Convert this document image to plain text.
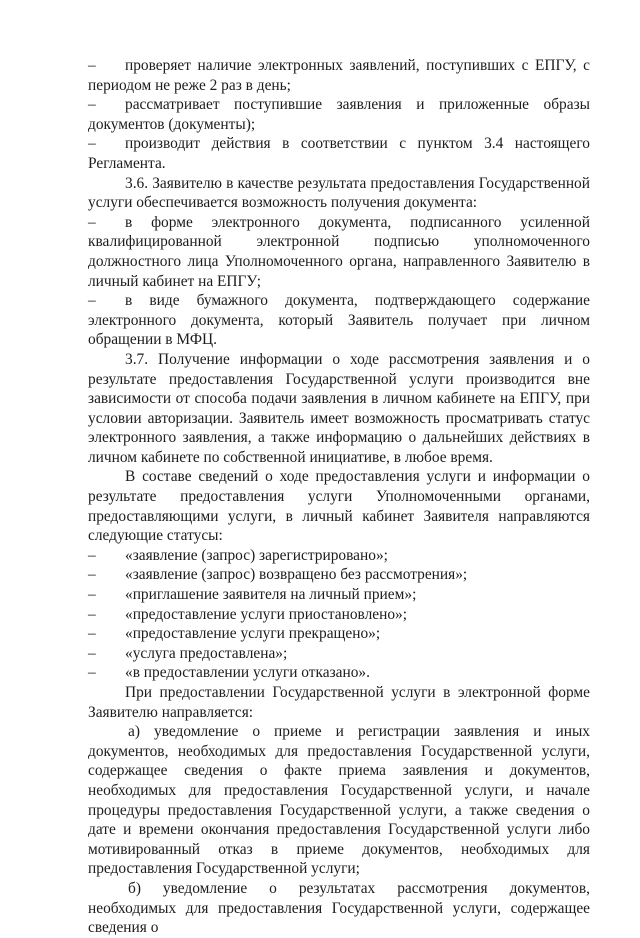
– проверяет наличие электронных заявлений, поступивших с ЕПГУ, с периодом не реже 2 раз в день;

– рассматривает поступившие заявления и приложенные образы документов (документы);

– производит действия в соответствии с пунктом 3.4 настоящего Регламента.

3.6. Заявителю в качестве результата предоставления Государственной услуги обеспечивается возможность получения документа:

– в форме электронного документа, подписанного усиленной квалифицированной электронной подписью уполномоченного должностного лица Уполномоченного органа, направленного Заявителю в личный кабинет на ЕПГУ;

– в виде бумажного документа, подтверждающего содержание электронного документа, который Заявитель получает при личном обращении в МФЦ.

3.7. Получение информации о ходе рассмотрения заявления и о результате предоставления Государственной услуги производится вне зависимости от способа подачи заявления в личном кабинете на ЕПГУ, при условии авторизации. Заявитель имеет возможность просматривать статус электронного заявления, а также информацию о дальнейших действиях в личном кабинете по собственной инициативе, в любое время.

В составе сведений о ходе предоставления услуги и информации о результате предоставления услуги Уполномоченными органами, предоставляющими услуги, в личный кабинет Заявителя направляются следующие статусы:

– «заявление (запрос) зарегистрировано»;

– «заявление (запрос) возвращено без рассмотрения»;

– «приглашение заявителя на личный прием»;

– «предоставление услуги приостановлено»;

– «предоставление услуги прекращено»;

– «услуга предоставлена»;

– «в предоставлении услуги отказано».

При предоставлении Государственной услуги в электронной форме Заявителю направляется:

а) уведомление о приеме и регистрации заявления и иных документов, необходимых для предоставления Государственной услуги, содержащее сведения о факте приема заявления и документов, необходимых для предоставления Государственной услуги, и начале процедуры предоставления Государственной услуги, а также сведения о дате и времени окончания предоставления Государственной услуги либо мотивированный отказ в приеме документов, необходимых для предоставления Государственной услуги;

б) уведомление о результатах рассмотрения документов, необходимых для предоставления Государственной услуги, содержащее сведения о
